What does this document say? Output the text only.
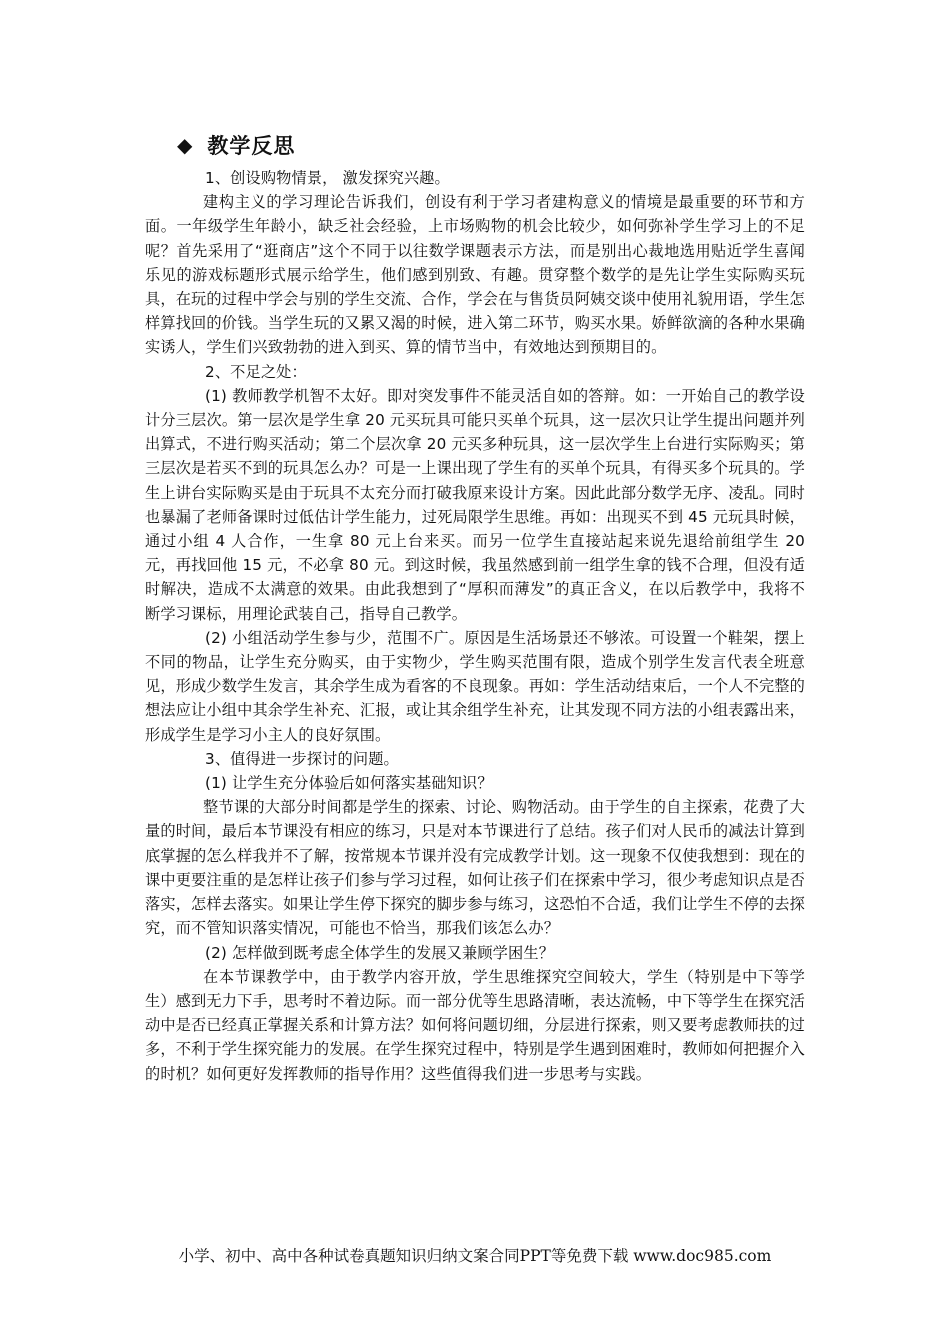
◆ 教学反思

1、创设购物情景， 激发探究兴趣。

建构主义的学习理论告诉我们，创设有利于学习者建构意义的情境是最重要的环节和方面。一年级学生年龄小，缺乏社会经验，上市场购物的机会比较少，如何弥补学生学习上的不足呢？首先采用了“逛商店”这个不同于以往数学课题表示方法，而是别出心裁地选用贴近学生喜闻乐见的游戏标题形式展示给学生，他们感到别致、有趣。贯穿整个数学的是先让学生实际购买玩具，在玩的过程中学会与别的学生交流、合作，学会在与售货员阿姨交谈中使用礼貌用语，学生怎样算找回的价钱。当学生玩的又累又渴的时候，进入第二环节，购买水果。娇鲜欲滴的各种水果确实诱人，学生们兴致勃勃的进入到买、算的情节当中，有效地达到预期目的。

2、不足之处：

(1) 教师教学机智不太好。即对突发事件不能灵活自如的答辩。如：一开始自己的教学设计分三层次。第一层次是学生拿 20 元买玩具可能只买单个玩具，这一层次只让学生提出问题并列出算式，不进行购买活动；第二个层次拿 20 元买多种玩具，这一层次学生上台进行实际购买；第三层次是若买不到的玩具怎么办？可是一上课出现了学生有的买单个玩具，有得买多个玩具的。学生上讲台实际购买是由于玩具不太充分而打破我原来设计方案。因此此部分数学无序、凌乱。同时也暴漏了老师备课时过低估计学生能力，过死局限学生思维。再如：出现买不到 45 元玩具时候，通过小组 4 人合作，一生拿 80 元上台来买。而另一位学生直接站起来说先退给前组学生 20 元，再找回他 15 元，不必拿 80 元。到这时候，我虽然感到前一组学生拿的钱不合理，但没有适时解决，造成不太满意的效果。由此我想到了“厚积而薄发”的真正含义，在以后教学中，我将不断学习课标，用理论武装自己，指导自己教学。

(2) 小组活动学生参与少，范围不广。原因是生活场景还不够浓。可设置一个鞋架，摆上不同的物品，让学生充分购买，由于实物少，学生购买范围有限，造成个别学生发言代表全班意见，形成少数学生发言，其余学生成为看客的不良现象。再如：学生活动结束后，一个人不完整的想法应让小组中其余学生补充、汇报，或让其余组学生补充，让其发现不同方法的小组表露出来，形成学生是学习小主人的良好氛围。

3、值得进一步探讨的问题。

(1) 让学生充分体验后如何落实基础知识？

整节课的大部分时间都是学生的探索、讨论、购物活动。由于学生的自主探索，花费了大量的时间，最后本节课没有相应的练习，只是对本节课进行了总结。孩子们对人民币的减法计算到底掌握的怎么样我并不了解，按常规本节课并没有完成教学计划。这一现象不仅使我想到：现在的课中更要注重的是怎样让孩子们参与学习过程，如何让孩子们在探索中学习，很少考虑知识点是否落实，怎样去落实。如果让学生停下探究的脚步参与练习，这恐怕不合适，我们让学生不停的去探究，而不管知识落实情况，可能也不恰当，那我们该怎么办？

(2) 怎样做到既考虑全体学生的发展又兼顾学困生？

在本节课教学中，由于教学内容开放，学生思维探究空间较大，学生（特别是中下等学生）感到无力下手，思考时不着边际。而一部分优等生思路清晰，表达流畅，中下等学生在探究活动中是否已经真正掌握关系和计算方法？如何将问题切细，分层进行探索，则又要考虑教师扶的过多，不利于学生探究能力的发展。在学生探究过程中，特别是学生遇到困难时，教师如何把握介入的时机？如何更好发挥教师的指导作用？这些值得我们进一步思考与实践。

小学、初中、高中各种试卷真题知识归纳文案合同PPT等免费下载 www.doc985.com
